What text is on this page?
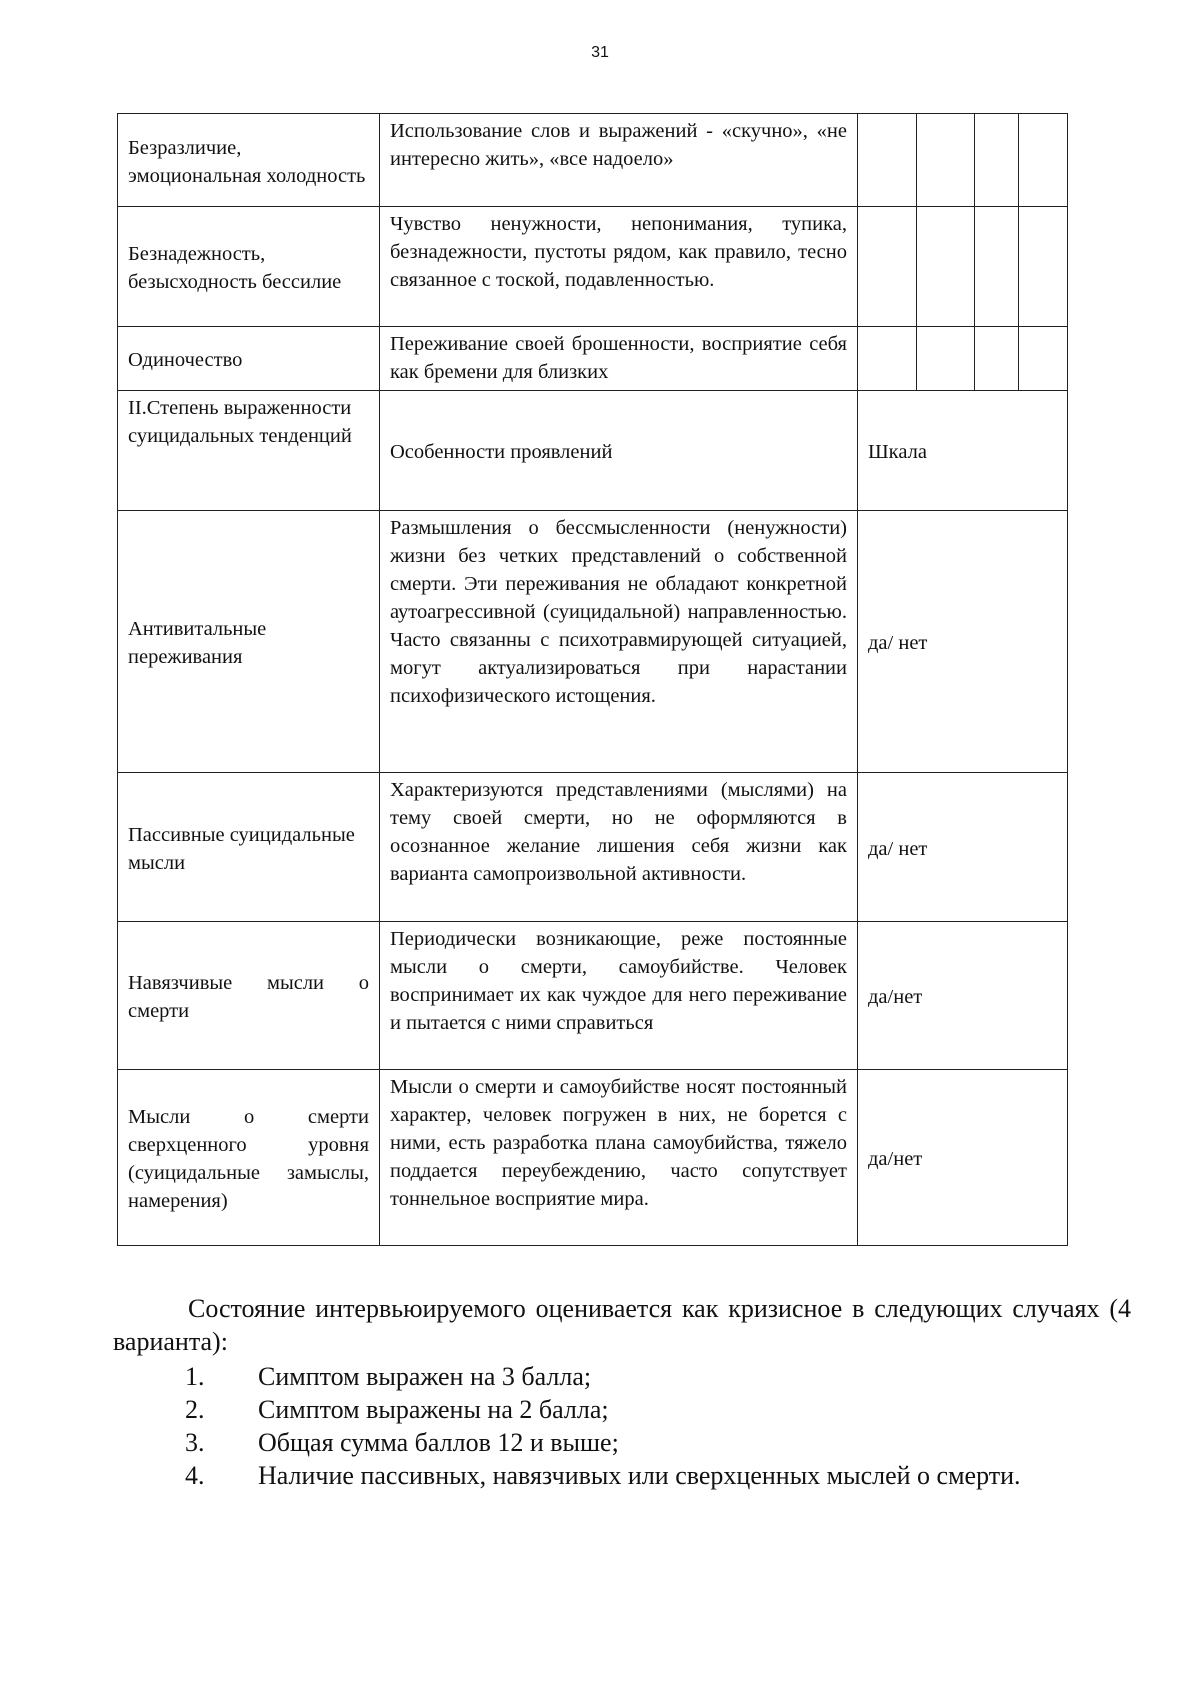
31
Безразличие, эмоциональная холодность	Использование слов и выражений - «скучно», «не интересно жить», «все надоело»				
Безнадежность, безысходность бессилие	Чувство ненужности, непонимания, тупика, безнадежности, пустоты рядом, как правило, тесно связанное с тоской, подавленностью.				
Одиночество	Переживание своей брошенности, восприятие себя как бремени для близких				
II.Степень выраженности суицидальных тенденций	Особенности проявлений	Шкала			
Антивитальные переживания	Размышления о бессмысленности (ненужности) жизни без четких представлений о собственной смерти. Эти переживания не обладают конкретной аутоагрессивной (суицидальной) направленностью. Часто связанны с психотравмирующей ситуацией, могут актуализироваться при нарастании психофизического истощения.	да/ нет			
Пассивные суицидальные мысли	Характеризуются представлениями (мыслями) на тему своей смерти, но не оформляются в осознанное желание лишения себя жизни как варианта самопроизвольной активности.	да/ нет			
Навязчивые мысли о смерти	Периодически возникающие, реже постоянные мысли о смерти, самоубийстве. Человек воспринимает их как чуждое для него переживание и пытается с ними справиться	да/нет			
Мысли о смерти сверхценного уровня (суицидальные замыслы, намерения)	Мысли о смерти и самоубийстве носят постоянный характер, человек погружен в них, не борется с ними, есть разработка плана самоубийства, тяжело поддается переубеждению, часто сопутствует тоннельное восприятие мира.	да/нет			

Состояние интервьюируемого оценивается как кризисное в следующих случаях (4 варианта):

1. Симптом выражен на 3 балла;
2. Симптом выражены на 2 балла;
3. Общая сумма баллов 12 и выше;
4. Наличие пассивных, навязчивых или сверхценных мыслей о смерти.
